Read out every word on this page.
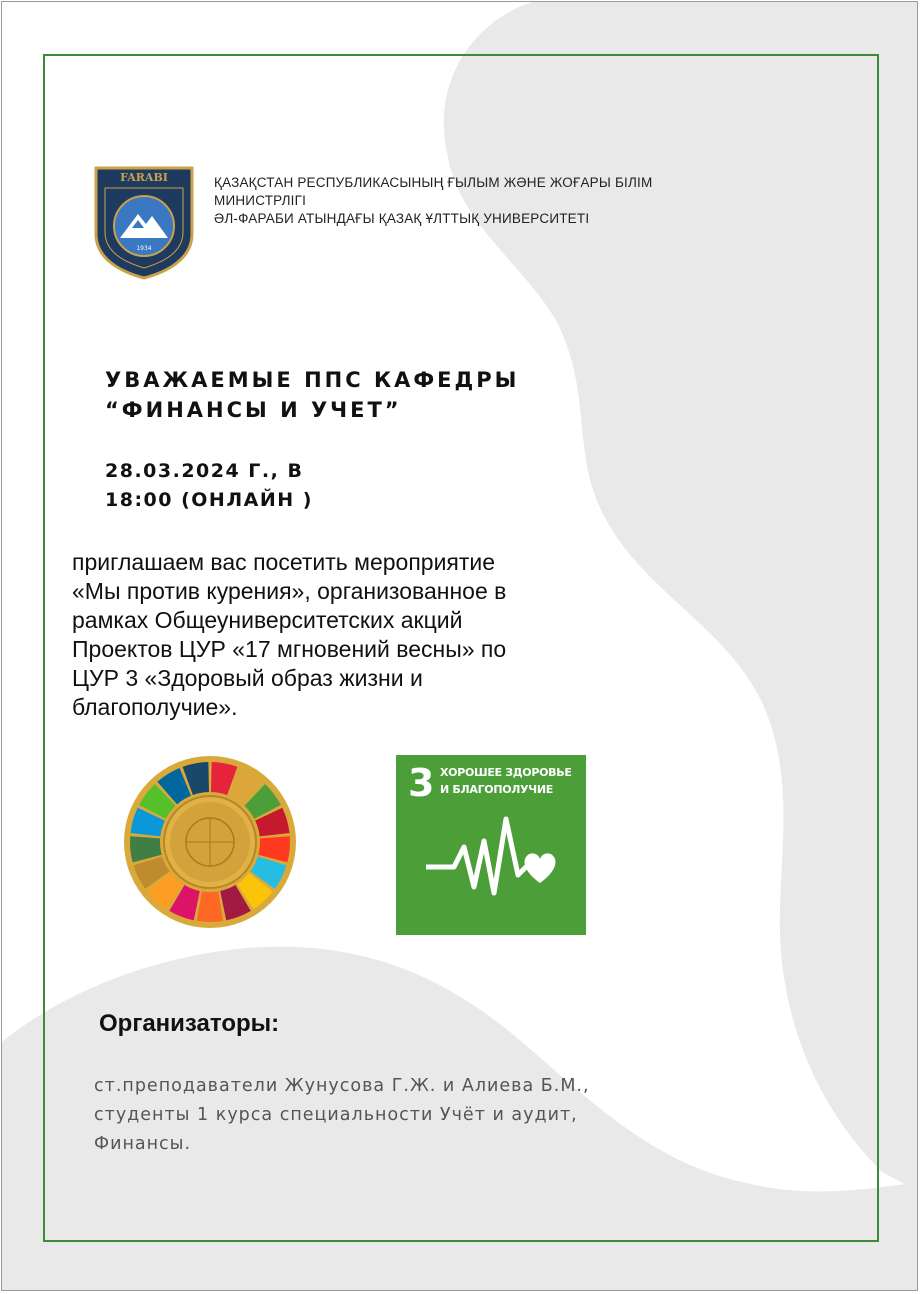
FARABI
1934
ҚАЗАҚСТАН РЕСПУБЛИКАСЫНЫҢ ҒЫЛЫМ ЖӘНЕ ЖОҒАРЫ БІЛІМ
МИНИСТРЛІГІ
ӘЛ-ФАРАБИ АТЫНДАҒЫ ҚАЗАҚ ҰЛТТЫҚ УНИВЕРСИТЕТІ
УВАЖАЕМЫЕ ППС КАФЕДРЫ
“ФИНАНСЫ И УЧЕТ”
28.03.2024 Г., В
18:00 (ОНЛАЙН )
приглашаем вас посетить мероприятие
«Мы против курения», организованное в
рамках Общеуниверситетских акций
Проектов ЦУР «17 мгновений весны» по
ЦУР 3 «Здоровый образ жизни и
благополучие».
3 ХОРОШЕЕ ЗДОРОВЬЕ
И БЛАГОПОЛУЧИЕ
Организаторы:
ст.преподаватели Жунусова Г.Ж. и Алиева Б.М.,
студенты 1 курса специальности Учёт и аудит,
Финансы.
